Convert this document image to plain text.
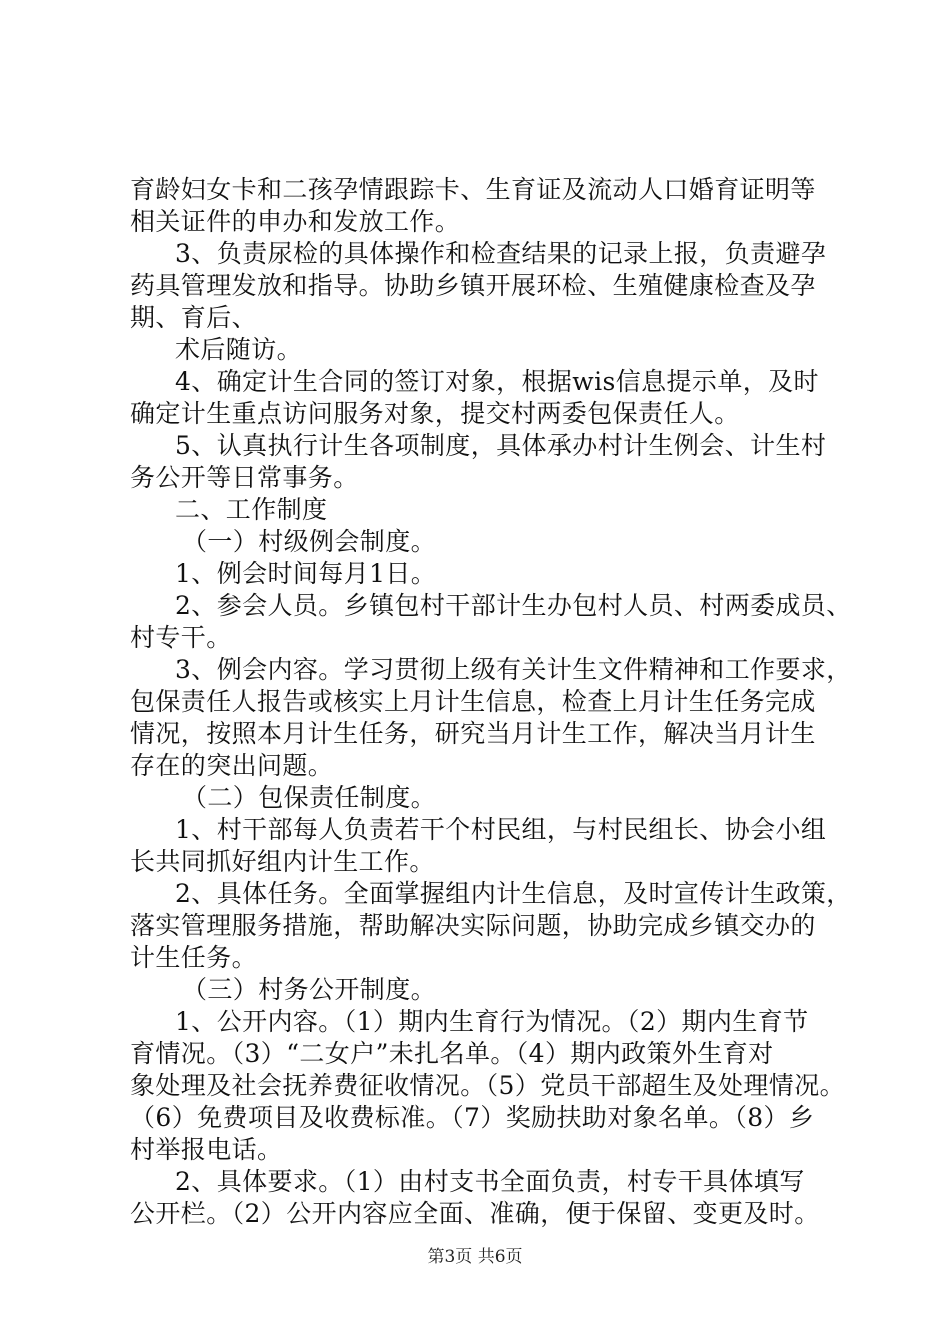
育龄妇女卡和二孩孕情跟踪卡、生育证及流动人口婚育证明等
相关证件的申办和发放工作。
3、负责尿检的具体操作和检查结果的记录上报，负责避孕
药具管理发放和指导。协助乡镇开展环检、生殖健康检查及孕
期、育后、
术后随访。
4、确定计生合同的签订对象，根据wis信息提示单，及时
确定计生重点访问服务对象，提交村两委包保责任人。
5、认真执行计生各项制度，具体承办村计生例会、计生村
务公开等日常事务。
二、工作制度
（一）村级例会制度。
1、例会时间每月1日。
2、参会人员。乡镇包村干部计生办包村人员、村两委成员、
村专干。
3、例会内容。学习贯彻上级有关计生文件精神和工作要求，
包保责任人报告或核实上月计生信息，检查上月计生任务完成
情况，按照本月计生任务，研究当月计生工作，解决当月计生
存在的突出问题。
（二）包保责任制度。
1、村干部每人负责若干个村民组，与村民组长、协会小组
长共同抓好组内计生工作。
2、具体任务。全面掌握组内计生信息，及时宣传计生政策，
落实管理服务措施，帮助解决实际问题，协助完成乡镇交办的
计生任务。
（三）村务公开制度。
1、公开内容。（1）期内生育行为情况。（2）期内生育节
育情况。（3）“二女户”未扎名单。（4）期内政策外生育对
象处理及社会抚养费征收情况。（5）党员干部超生及处理情况。
（6）免费项目及收费标准。（7）奖励扶助对象名单。（8）乡
村举报电话。
2、具体要求。（1）由村支书全面负责，村专干具体填写
公开栏。（2）公开内容应全面、准确，便于保留、变更及时。
第3页 共6页
